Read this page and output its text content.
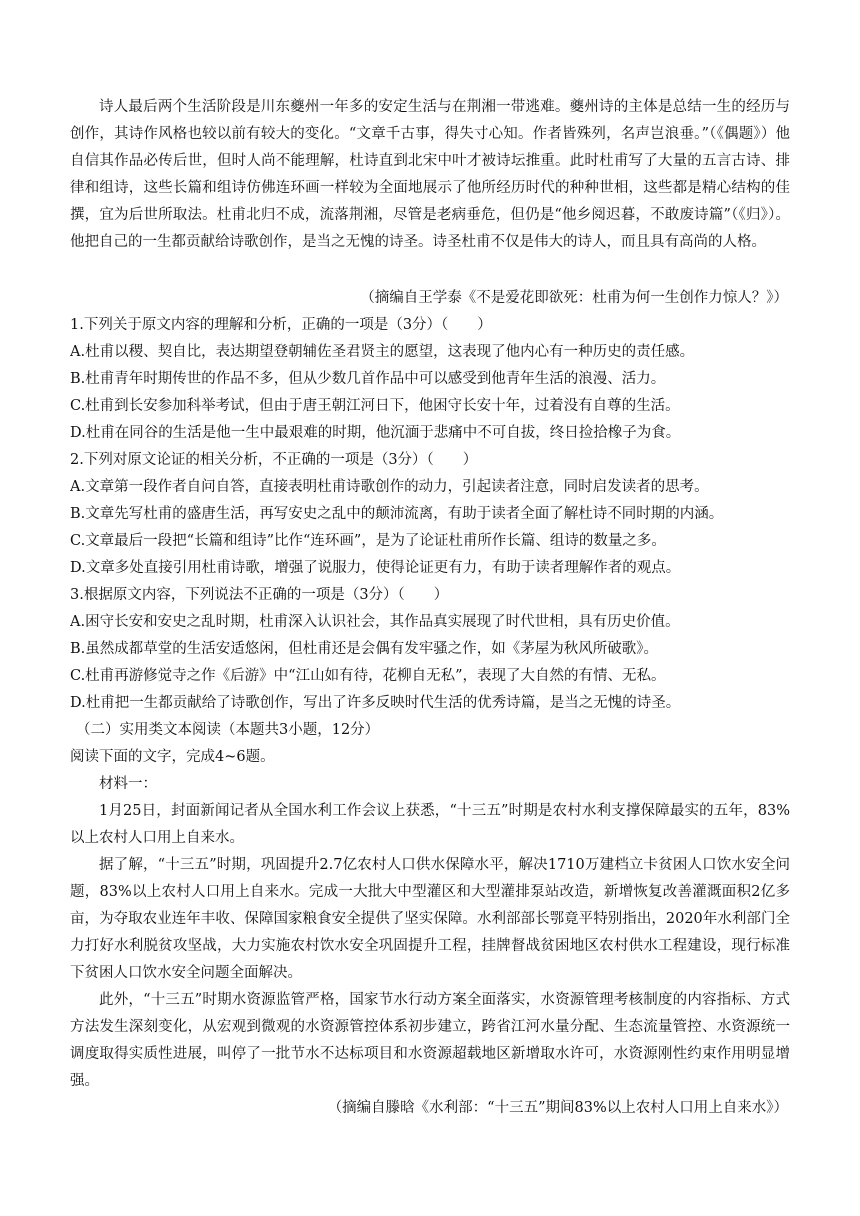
诗人最后两个生活阶段是川东夔州一年多的安定生活与在荆湘一带逃难。夔州诗的主体是总结一生的经历与创作，其诗作风格也较以前有较大的变化。“文章千古事，得失寸心知。作者皆殊列，名声岂浪垂。”（《偶题》）他自信其作品必传后世，但时人尚不能理解，杜诗直到北宋中叶才被诗坛推重。此时杜甫写了大量的五言古诗、排律和组诗，这些长篇和组诗仿佛连环画一样较为全面地展示了他所经历时代的种种世相，这些都是精心结构的佳撰，宜为后世所取法。杜甫北归不成，流落荆湘，尽管是老病垂危，但仍是“他乡阅迟暮，不敢废诗篇”（《归》）。他把自己的一生都贡献给诗歌创作，是当之无愧的诗圣。诗圣杜甫不仅是伟大的诗人，而且具有高尚的人格。

（摘编自王学泰《不是爱花即欲死：杜甫为何一生创作力惊人？》）

1.下列关于原文内容的理解和分析，正确的一项是（3分）（　　）

A.杜甫以稷、契自比，表达期望登朝辅佐圣君贤主的愿望，这表现了他内心有一种历史的责任感。

B.杜甫青年时期传世的作品不多，但从少数几首作品中可以感受到他青年生活的浪漫、活力。

C.杜甫到长安参加科举考试，但由于唐王朝江河日下，他困守长安十年，过着没有自尊的生活。

D.杜甫在同谷的生活是他一生中最艰难的时期，他沉湎于悲痛中不可自拔，终日捡拾橡子为食。

2.下列对原文论证的相关分析，不正确的一项是（3分）（　　）

A.文章第一段作者自问自答，直接表明杜甫诗歌创作的动力，引起读者注意，同时启发读者的思考。

B.文章先写杜甫的盛唐生活，再写安史之乱中的颠沛流离，有助于读者全面了解杜诗不同时期的内涵。

C.文章最后一段把“长篇和组诗”比作“连环画”，是为了论证杜甫所作长篇、组诗的数量之多。

D.文章多处直接引用杜甫诗歌，增强了说服力，使得论证更有力，有助于读者理解作者的观点。

3.根据原文内容，下列说法不正确的一项是（3分）（　　）

A.困守长安和安史之乱时期，杜甫深入认识社会，其作品真实展现了时代世相，具有历史价值。

B.虽然成都草堂的生活安适悠闲，但杜甫还是会偶有发牢骚之作，如《茅屋为秋风所破歌》。

C.杜甫再游修觉寺之作《后游》中“江山如有待，花柳自无私”，表现了大自然的有情、无私。

D.杜甫把一生都贡献给了诗歌创作，写出了许多反映时代生活的优秀诗篇，是当之无愧的诗圣。

（二）实用类文本阅读（本题共3小题，12分）

阅读下面的文字，完成4~6题。

材料一：

1月25日，封面新闻记者从全国水利工作会议上获悉，“十三五”时期是农村水利支撑保障最实的五年，83%以上农村人口用上自来水。

据了解，“十三五”时期，巩固提升2.7亿农村人口供水保障水平，解决1710万建档立卡贫困人口饮水安全问题，83%以上农村人口用上自来水。完成一大批大中型灌区和大型灌排泵站改造，新增恢复改善灌溉面积2亿多亩，为夺取农业连年丰收、保障国家粮食安全提供了坚实保障。水利部部长鄂竟平特别指出，2020年水利部门全力打好水利脱贫攻坚战，大力实施农村饮水安全巩固提升工程，挂牌督战贫困地区农村供水工程建设，现行标准下贫困人口饮水安全问题全面解决。

此外，“十三五”时期水资源监管严格，国家节水行动方案全面落实，水资源管理考核制度的内容指标、方式方法发生深刻变化，从宏观到微观的水资源管控体系初步建立，跨省江河水量分配、生态流量管控、水资源统一调度取得实质性进展，叫停了一批节水不达标项目和水资源超载地区新增取水许可，水资源刚性约束作用明显增强。

（摘编自滕晗《水利部：“十三五”期间83%以上农村人口用上自来水》）
